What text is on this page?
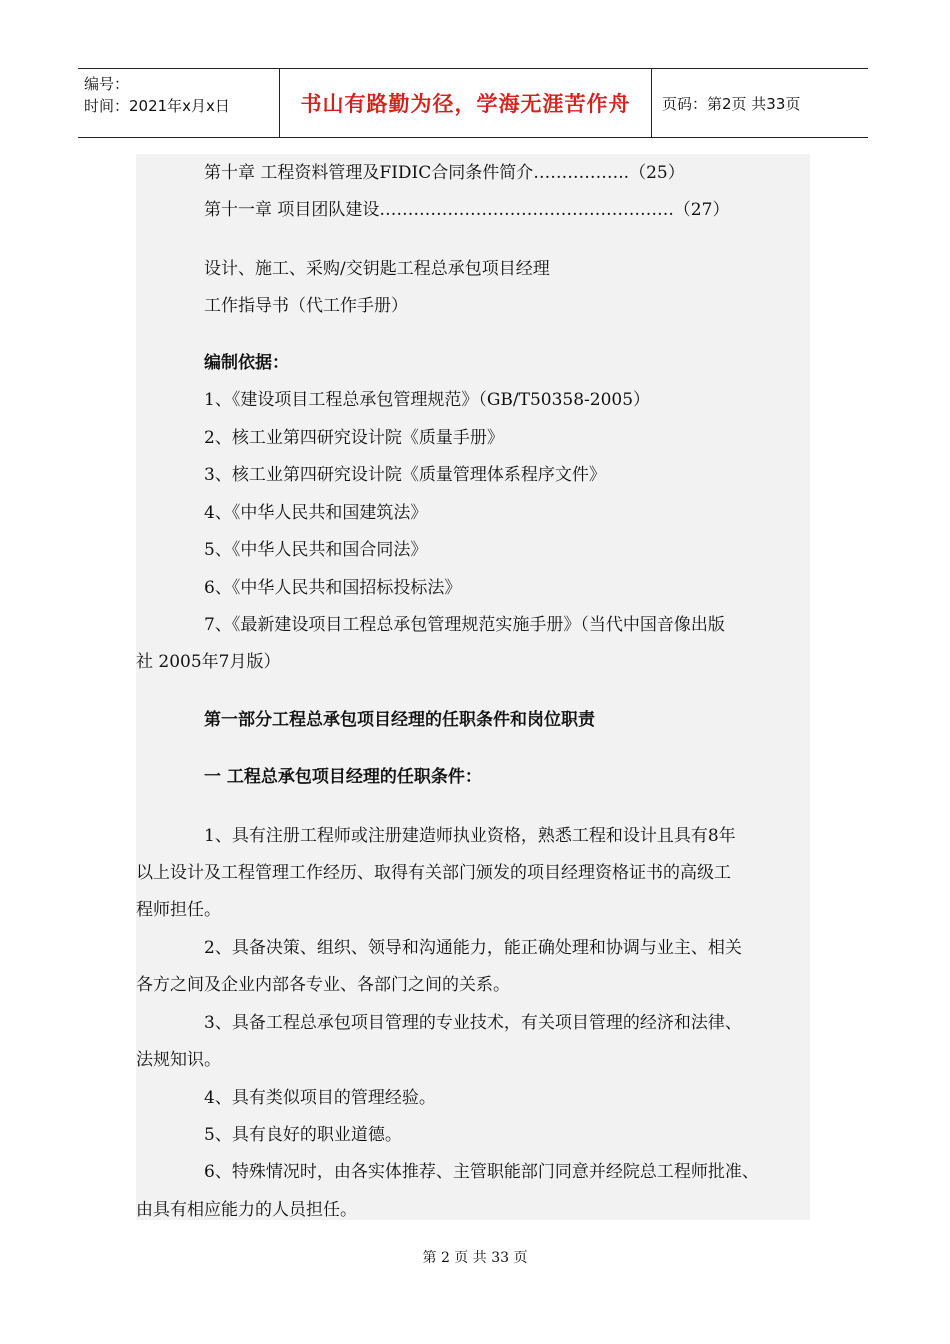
编号：
时间：2021年x月x日	书山有路勤为径，学海无涯苦作舟	页码：第2页 共33页
第十章 工程资料管理及FIDIC合同条件简介……………..（25）
第十一章 项目团队建设…………………………………………….（27）
设计、施工、采购/交钥匙工程总承包项目经理
工作指导书（代工作手册）
编制依据：
1、《建设项目工程总承包管理规范》（GB/T50358-2005）
2、核工业第四研究设计院《质量手册》
3、核工业第四研究设计院《质量管理体系程序文件》
4、《中华人民共和国建筑法》
5、《中华人民共和国合同法》
6、《中华人民共和国招标投标法》
7、《最新建设项目工程总承包管理规范实施手册》（当代中国音像出版
社 2005年7月版）
第一部分工程总承包项目经理的任职条件和岗位职责
一 工程总承包项目经理的任职条件：
1、具有注册工程师或注册建造师执业资格，熟悉工程和设计且具有8年
以上设计及工程管理工作经历、取得有关部门颁发的项目经理资格证书的高级工
程师担任。
2、具备决策、组织、领导和沟通能力，能正确处理和协调与业主、相关
各方之间及企业内部各专业、各部门之间的关系。
3、具备工程总承包项目管理的专业技术，有关项目管理的经济和法律、
法规知识。
4、具有类似项目的管理经验。
5、具有良好的职业道德。
6、特殊情况时，由各实体推荐、主管职能部门同意并经院总工程师批准、
由具有相应能力的人员担任。
第 2 页 共 33 页
